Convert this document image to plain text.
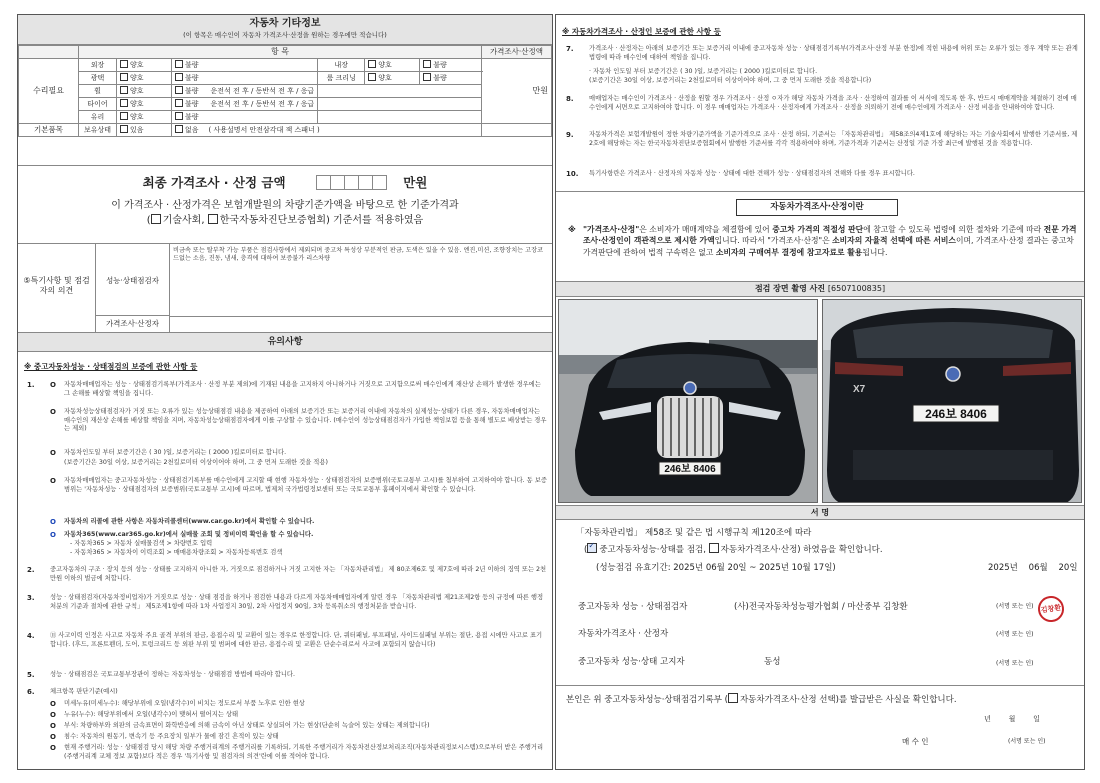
자동차 기타정보
(이 항목은 매수인이 자동차 가격조사·산정을 원하는 경우에만 적습니다)
	항 목						가격조사·산정액
수리필요	외장	양호	불량	내장	양호	불량	만원
	광택	양호	불량	룸 크리닝	양호	불량	
	휠	양호	불량 운전석 전 후 / 동반석 전 후 / 응급				
	타이어	양호	불량 운전석 전 후 / 동반석 전 후 / 응급				
	유리	양호	불량				
기본품목	보유상태	있음	없음 ( 사용설명서 안전삼각대 잭 스패너 )				
최종 가격조사 · 산정 금액	만원
이 가격조사 · 산정가격은 보험개발원의 차량기준가액을 바탕으로 한 기준가격과
( 기술사회, 한국자동차진단보증협회) 기준서를 적용하였음
⑤특기사항 및 점검자의 의견
성능·상태점검자
비금속 또는 탈부착 가능 부품은 점검사항에서 제외되며 중고차 특성상 부분적인 판금, 도색은 있을 수 있음. 엔진,미션, 조향장치는 고장코드없는 소음, 진동, 냄새, 충격에 대하여 보증불가 리스차량
가격조사·산정자
유의사항
※ 중고자동차성능 · 상태점검의 보증에 관한 사항 등
1. O 자동차매매업자는 성능 · 상태점검기록부(가격조사 · 산정 부분 제외)에 기재된 내용을 고지하지 아니하거나 거짓으로 고지함으로써 매수인에게 재산상 손해가 발생한 경우에는 그 손해를 배상할 책임을 집니다.
O 자동차성능상태점검자가 거짓 또는 오류가 있는 성능상태점검 내용을 제공하여 아래의 보증기간 또는 보증거리 이내에 자동차의 실제성능·상태가 다른 경우, 자동차매매업자는 매수인의 재산상 손해를 배상할 책임을 지며, 자동차성능상태점검자에게 이를 구상할 수 있습니다. (매수인이 성능상태점검자가 가입한 책임보험 등을 통해 별도로 배상받는 경우는 제외)
O 자동차인도일 부터 보증기간은 ( 30 )일, 보증거리는 ( 2000 )킬로미터로 합니다.
(보증기간은 30일 이상, 보증거리는 2천킬로미터 이상이어야 하며, 그 중 먼저 도래한 것을 적용)
O 자동차매매업자는 중고자동차성능 · 상태점검기록부를 매수인에게 고지할 때 현행 자동차성능 · 상태점검자의 보증범위(국토교통부 고시)를 첨부하여 고지하여야 합니다. 동 보증범위는 '자동차성능 · 상태점검자의 보증범위(국토교통부 고시)에 따르며, 법제처 국가법령정보센터 또는 국토교통부 홈페이지에서 확인할 수 있습니다.
O 자동차의 리콜에 관한 사항은 자동차리콜센터(www.car.go.kr)에서 확인할 수 있습니다.
O 자동차365(www.car365.go.kr)에서 실매물 조회 및 정비이력 확인을 할 수 있습니다.
- 자동차365 > 자동차 실매물검색 > 차량번호 입력
- 자동차365 > 자동차이 이력조회 > 매매용차량조회 > 자동차등록번호 검색
2. 중고자동차의 구조 · 장치 등의 성능 · 상태를 고지하지 아니한 자, 거짓으로 점검하거나 거짓 고지한 자는 「자동차관리법」 제 80조제6호 및 제7호에 따라 2년 이하의 징역 또는 2천만원 이하의 벌금에 처합니다.
3. 성능 · 상태점검자(자동차정비업자)가 거짓으로 성능 · 상태 점검을 하거나 점검한 내용과 다르게 자동차매매업자에게 알린 경우 「자동차관리법 제21조제2항 등의 규정에 따른 행정처분의 기준과 절차에 관한 규칙」 제5조제1항에 따라 1차 사업정지 30일, 2차 사업정지 90일, 3차 등록취소의 행정처분을 받습니다.
4. ⑪ 사고이력 인정은 사고로 자동차 주요 골격 부위의 판금, 용접수리 및 교환이 있는 경우로 한정합니다. 단, 쿼터패널, 루프패널, 사이드실패널 부위는 절단, 용접 시에만 사고로 표기합니다. (후드, 프론트펜더, 도어, 트렁크리드 등 외판 부위 및 범퍼에 대한 판금, 용접수리 및 교환은 단순수리로서 사고에 포함되지 않습니다)
5. 성능 · 상태점검은 국토교통부장관이 정하는 자동차성능 · 상태점검 방법에 따라야 합니다.
6. 체크항목 판단기준(예시)
O 미세누유(미세누수): 해당부위에 오일(냉각수)이 비치는 정도로서 부품 노후로 인한 현상
O 누유(누수): 해당부위에서 오일(냉각수)이 맺혀서 떨어지는 상태
O 부식: 차량하부와 외판의 금속표면이 화학반응에 의해 금속이 아닌 상태로 상실되어 가는 현상(단순히 녹슬어 있는 상태는 제외합니다)
O 침수: 자동차의 원동기, 변속기 등 주요장치 일부가 물에 잠긴 흔적이 있는 상태
O 현재 주행거리: 성능 · 상태점검 당시 해당 차량 주행거리계의 주행거리를 기록하되, 기록한 주행거리가 자동차전산정보처리조직(자동차관리정보시스템)으로부터 받은 주행거리(주행거리계 교체 정보 포함)보다 적은 경우 '특기사항 및 점검자의 의견'란에 이를 적어야 합니다.
※ 자동차가격조사 · 산정인 보증에 관한 사항 등
7. 가격조사 · 산정자는 아래의 보증기간 또는 보증거리 이내에 중고자동차 성능 · 상태점검기록부(가격조사·산정 부분 한정)에 적힌 내용에 허위 또는 오류가 있는 경우 계약 또는 관계법령에 따라 매수인에 대하여 책임을 집니다.
· 자동차 인도일 부터 보증기간은 ( 30 )일, 보증거리는 ( 2000 )킬로미터로 합니다.
(보증기간은 30일 이상, 보증거리는 2천킬로미터 이상이어야 하며, 그 중 먼저 도래한 것을 적용합니다)
8. 매매업자는 매수인이 가격조사 · 산정을 원할 경우 가격조사 · 산정 ㅇ자가 해당 자동차 가격을 조사 · 산정하여 결과를 이 서식에 적도록 한 후, 반드시 매매계약을 체결하기 전에 매수인에게 서면으로 고지하여야 합니다. 이 경우 매매업자는 가격조사 · 산정자에게 가격조사 · 산정을 의뢰하기 전에 매수인에게 가격조사 · 산정 비용을 안내하여야 합니다.
9. 자동차가격은 보험개발원이 정한 차량기준가액을 기준가격으로 조사 · 산정 하되, 기준서는 「자동차관리법」 제58조의4제1호에 해당하는 자는 기술사회에서 발행한 기준서를, 제2호에 해당하는 자는 한국자동차진단보증협회에서 발행한 기준서를 각각 적용하여야 하며, 기준가격과 기준서는 산정일 기준 가장 최근에 발행된 것을 적용합니다.
10. 특기사항란은 가격조사 · 산정자의 자동차 성능 · 상태에 대한 견해가 성능 · 상태점검자의 견해와 다를 경우 표시합니다.
자동차가격조사·산정이란
※ "가격조사·산정"은 소비자가 매매계약을 체결함에 있어 중고차 가격의 적절성 판단에 참고할 수 있도록 법령에 의한 절차와 기준에 따라 전문 가격조사·산정인이 객관적으로 제시한 가액입니다. 따라서 "가격조사·산정"은 소비자의 자율적 선택에 따른 서비스이며, 가격조사·산정 결과는 중고차 가격판단에 관하여 법적 구속력은 없고 소비자의 구매여부 결정에 참고자료로 활용됩니다.
점검 장면 촬영 사진 [6507100835]
246보 8406
X7
246보 8406
서 명
「자동차관리법」 제58조 및 같은 법 시행규칙 제120조에 따라
( ✓ 중고자동차성능·상태를 점검, 자동차가격조사·산정) 하였음을 확인합니다.
(성능점검 유효기간: 2025년 06월 20일 ~ 2025년 10월 17일)	2025년 06월 20일
중고자동차 성능 · 상태점검자	(사)전국자동차성능평가협회 / 마산중부 김창환	(서명 또는 인) 김창환
자동차가격조사 · 산정자	(서명 또는 인)
중고자동차 성능·상태 고지자	동성	(서명 또는 인)
본인은 위 중고자동차성능·상태점검기록부 ( 자동차가격조사·산정 선택)를 발급받은 사실을 확인합니다.
년	월	일
매 수 인	(서명 또는 인)
